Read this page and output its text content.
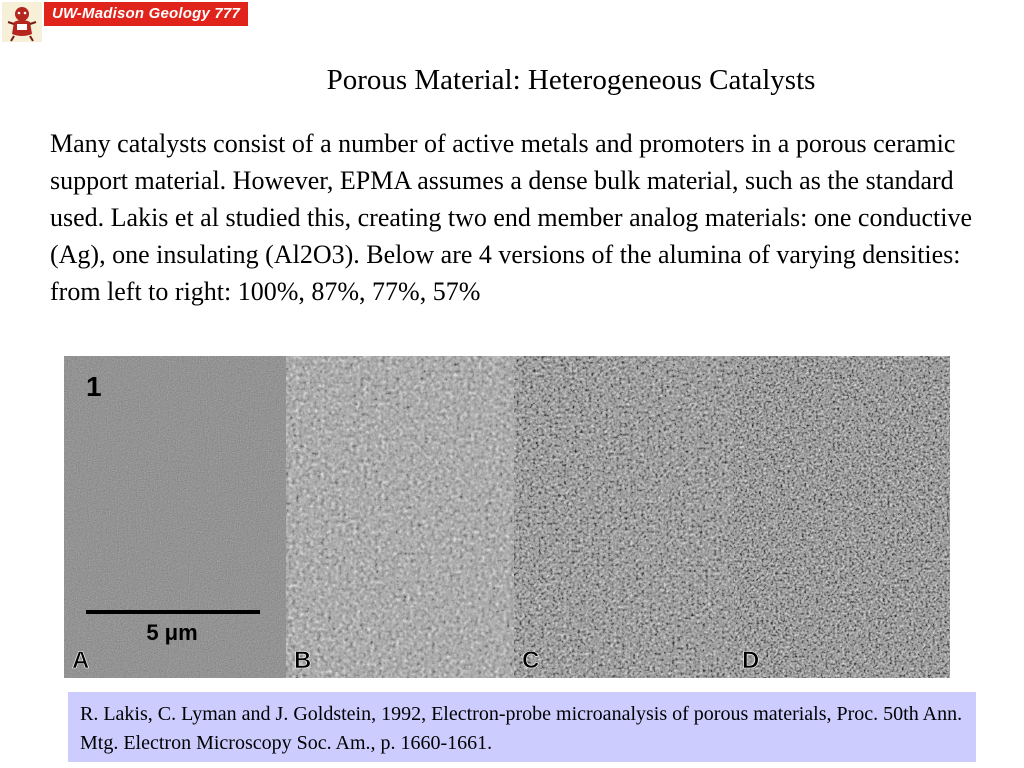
UW-Madison Geology 777
Porous Material: Heterogeneous Catalysts

Many catalysts consist of a number of active metals and promoters in a porous ceramic support material. However, EPMA assumes a dense bulk material, such as the standard used. Lakis et al studied this, creating two end member analog materials: one conductive (Ag), one insulating (Al2O3). Below are 4 versions of the alumina of varying densities: from left to right: 100%, 87%, 77%, 57%

A	B	C	D
5 μm
1
R. Lakis, C. Lyman and J. Goldstein, 1992, Electron-probe microanalysis of porous materials, Proc. 50th Ann. Mtg. Electron Microscopy Soc. Am., p. 1660-1661.
